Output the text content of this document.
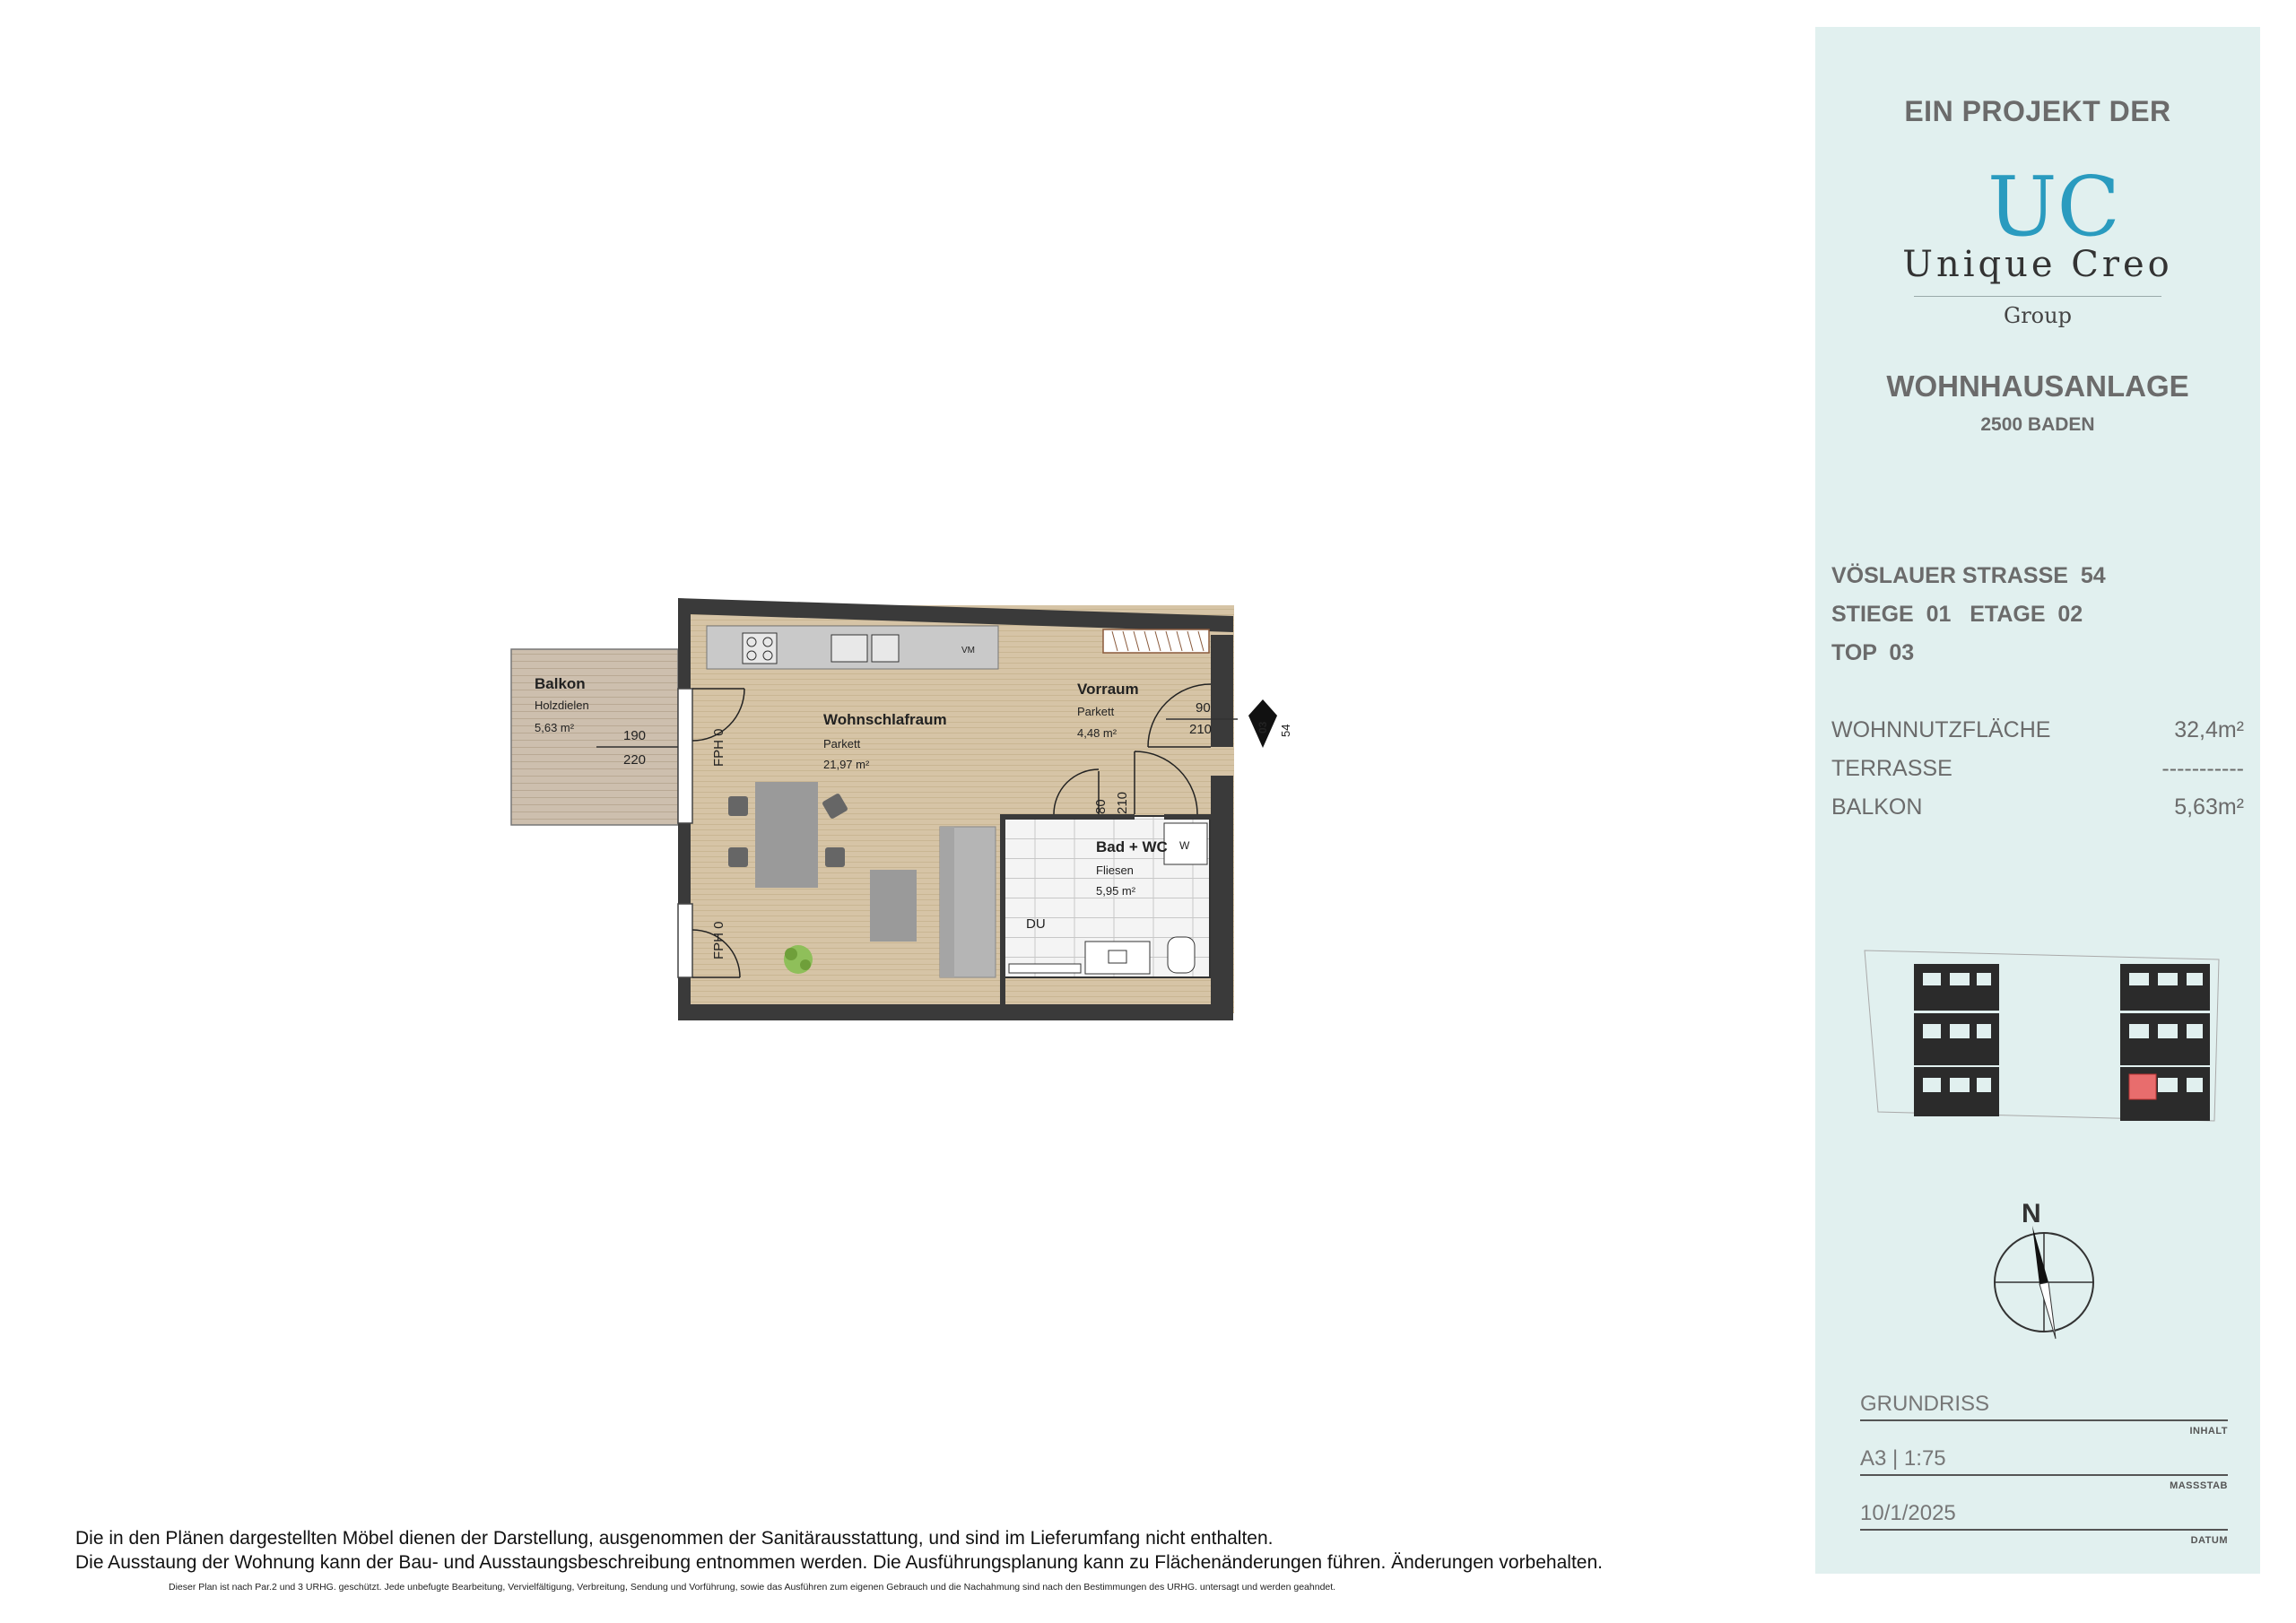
VM
W
DU
Balkon
Holzdielen
5,63 m²
190
220
Wohnschlafraum
Parkett
21,97 m²
Vorraum
Parkett
4,48 m²
90
210
80 210
Bad + WC
Fliesen
5,95 m²
FPH 0
FPH 0
03 54
Die in den Plänen dargestellten Möbel dienen der Darstellung, ausgenommen der Sanitärausstattung, und sind im Lieferumfang nicht enthalten.
Die Ausstaung der Wohnung kann der Bau- und Ausstaungsbeschreibung entnommen werden. Die Ausführungsplanung kann zu Flächenänderungen führen. Änderungen vorbehalten.
Dieser Plan ist nach Par.2 und 3 URHG. geschützt. Jede unbefugte Bearbeitung, Vervielfältigung, Verbreitung, Sendung und Vorführung, sowie das Ausführen zum eigenen Gebrauch und die Nachahmung sind nach den Bestimmungen des URHG. untersagt und werden geahndet.
EIN PROJEKT DER
UC
Unique Creo
Group
WOHNHAUSANLAGE
2500 BADEN
VÖSLAUER STRASSE  54
STIEGE  01   ETAGE  02
TOP  03
WOHNNUTZFLÄCHE	32,4m²
TERRASSE	-----------
BALKON	5,63m²
N
GRUNDRISS
INHALT
A3 | 1:75
MASSSTAB
10/1/2025
DATUM
